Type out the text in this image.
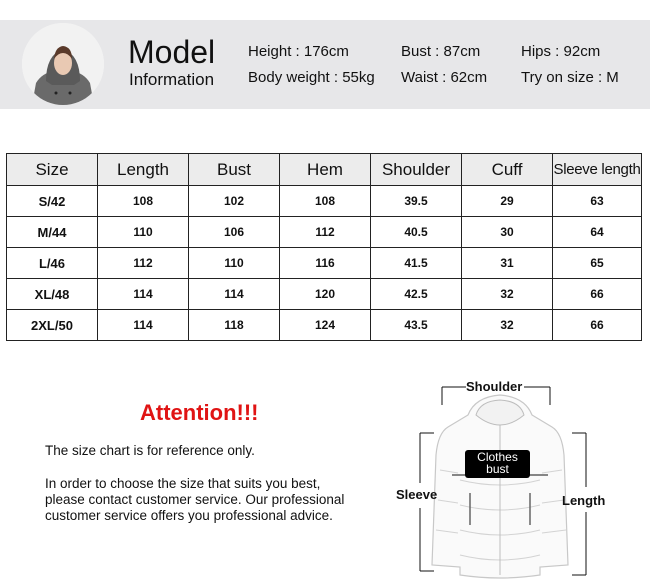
Model
Information
Height : 176cm
Body weight : 55kg
Bust : 87cm
Waist : 62cm
Hips : 92cm
Try on size : M
Size	Length	Bust	Hem	Shoulder	Cuff	Sleeve length
S/42	108	102	108	39.5	29	63
M/44	110	106	112	40.5	30	64
L/46	112	110	116	41.5	31	65
XL/48	114	114	120	42.5	32	66
2XL/50	114	118	124	43.5	32	66
Attention!!!
The size chart is for reference only.
In order to choose the size that suits you best,
please contact customer service. Our professional
customer service offers you professional advice.
Shoulder
Sleeve	Length
Clothes
bust
